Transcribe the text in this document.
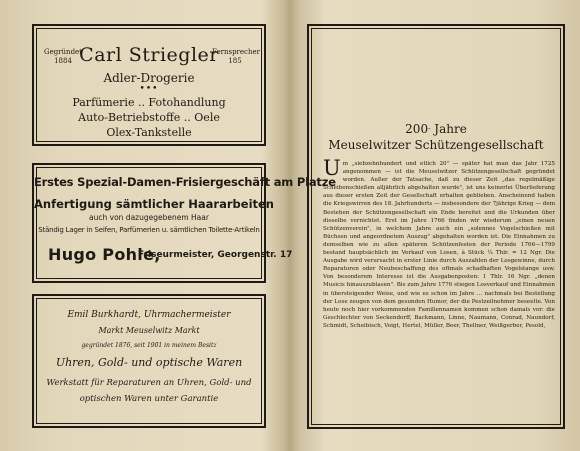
Gegründet
1884
Fernsprecher
185
Carl Striegler
Adler-Drogerie
•••
Parfümerie .. Fotohandlung
Auto-Betriebstoffe .. Oele
Olex-Tankstelle
Erstes Spezial-Damen-Frisiergeschäft am Platze
Anfertigung sämtlicher Haararbeiten
auch von dazugegebenem Haar
Ständig Lager in Seifen, Parfümerien u. sämtlichen Toilette-Artikeln
Hugo Pohle,
Friseurmeister, Georgenstr. 17
Emil Burkhardt, Uhrmachermeister
Markt Meuselwitz Markt
gegründet 1876, seit 1901 in meinem Besitz
Uhren, Gold- und optische Waren
Werkstatt für Reparaturen an Uhren, Gold- und
optischen Waren unter Garantie
200- Jahre
Meuselwitzer Schützengesellschaft
Um „siebzehnhundert und etlich 20" — später hat man das Jahr 1725 angenommen — ist die Meuselwitzer Schützengesellschaft gegründet worden. Außer der Tatsache, daß zu dieser Zeit „das regelmäßige Scheibenschießen alljährlich abgehalten wurde", ist uns keinerlei Überlieferung aus dieser ersten Zeit der Gesellschaft erhalten geblieben. Anscheinend haben die Kriegswirren des 18. Jahrhunderts — insbesondere der 7jährige Krieg — dem Bestehen der Schützengesellschaft ein Ende bereitet und die Urkunden über dieselbe vernichtet. Erst im Jahre 1766 finden wir wiederum „einen neuen Schützenverein", in welchem Jahre auch ein „solennes Vogelschießen mit Büchsen und angeordnetem Auszug" abgehalten worden ist. Die Einnahmen zu demselben wie zu allen späteren Schützenfesten der Periode 1766—1799 bestand hauptsächlich im Verkauf von Losen, à Stück ¼ Thlr. = 12 Ngr. Die Ausgabe wird verursacht in erster Linie durch Auszahlen der Losgewinne, durch Reparaturen oder Neubeschaffung des oftmals schadhaften Vogelstange usw. Von besonderem Interesse ist die Ausgabenposten: 1 Thlr. 16 Ngr. „denen Musicis hinauszublasen". Bis zum Jahre 1776 stiegen Losverkauf und Einnahmen in übersteigender Weise, und wie es schon im Jahre ... nachmals bei Bestellung der Lose zeugen von dem gesunden Humor, der die Pestzeilnehmer beseelte. Von heute noch hier vorkommenden Familiennamen kommen schon damals vor: die Geschlechter von Seckendorff, Backmann, Linne, Naumann, Conrad, Naundorf, Schmidt, Scheibisch, Voigt, Hertel, Müller, Beer, Thellner, Weißgerber, Pesold,
